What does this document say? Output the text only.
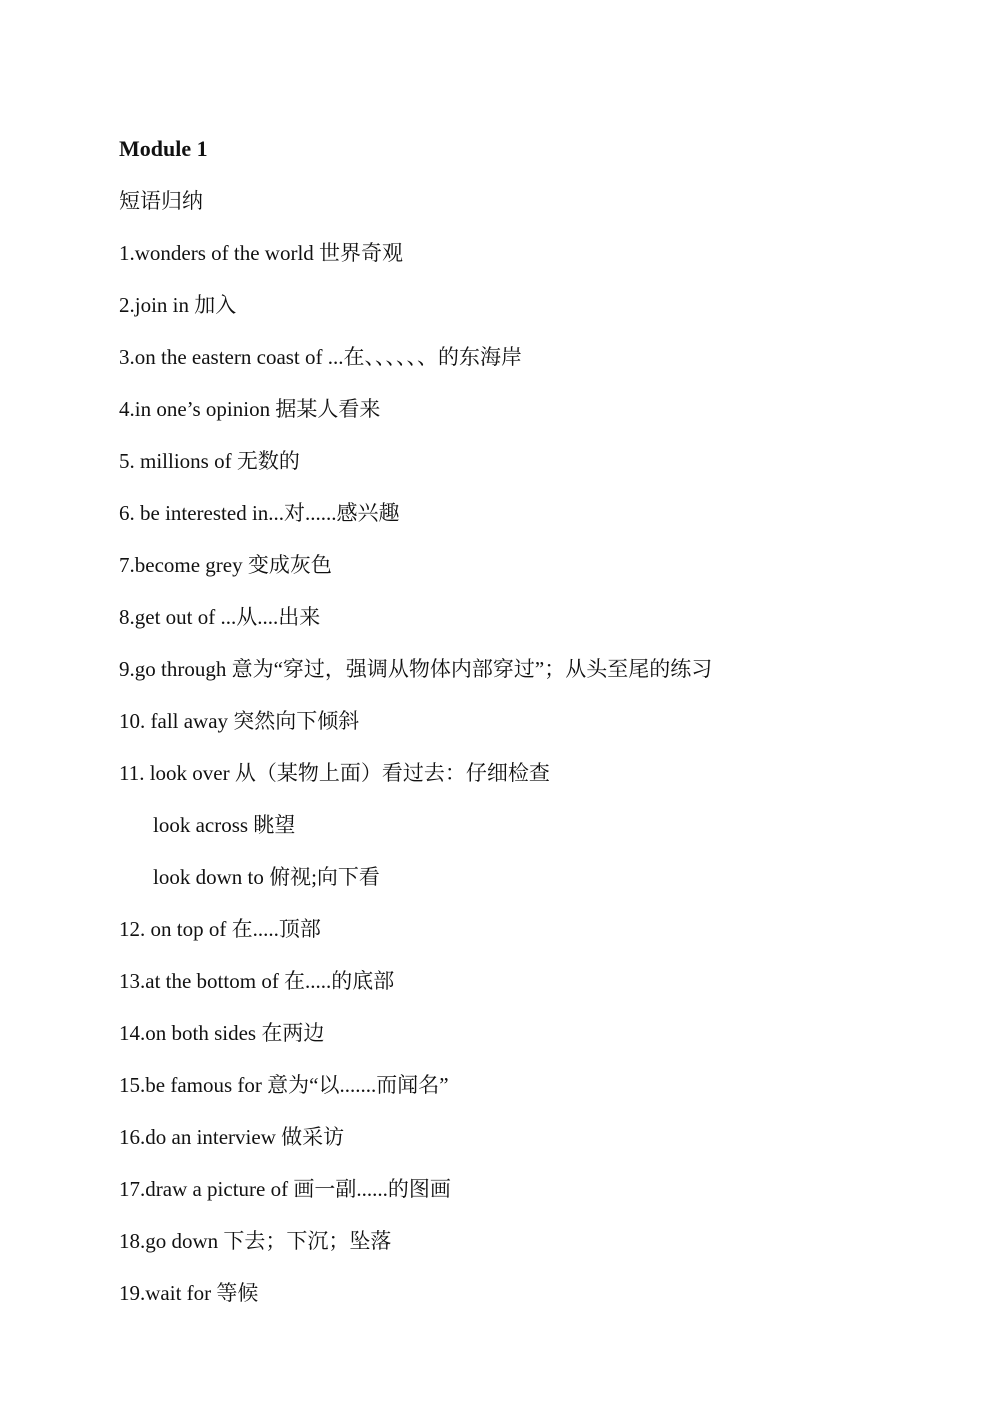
Module 1
短语归纳
1.wonders of the world 世界奇观
2.join in 加入
3.on the eastern coast of ...在、、、、、、的东海岸
4.in one’s opinion 据某人看来
5. millions of 无数的
6. be interested in...对......感兴趣
7.become grey 变成灰色
8.get out of ...从....出来
9.go through 意为“穿过，强调从物体内部穿过”；从头至尾的练习
10. fall away 突然向下倾斜
11. look over 从（某物上面）看过去：仔细检查
look across 眺望
look down to 俯视;向下看
12. on top of 在.....顶部
13.at the bottom of 在.....的底部
14.on both sides 在两边
15.be famous for 意为“以.......而闻名”
16.do an interview 做采访
17.draw a picture of 画一副......的图画
18.go down 下去；下沉；坠落
19.wait for 等候
